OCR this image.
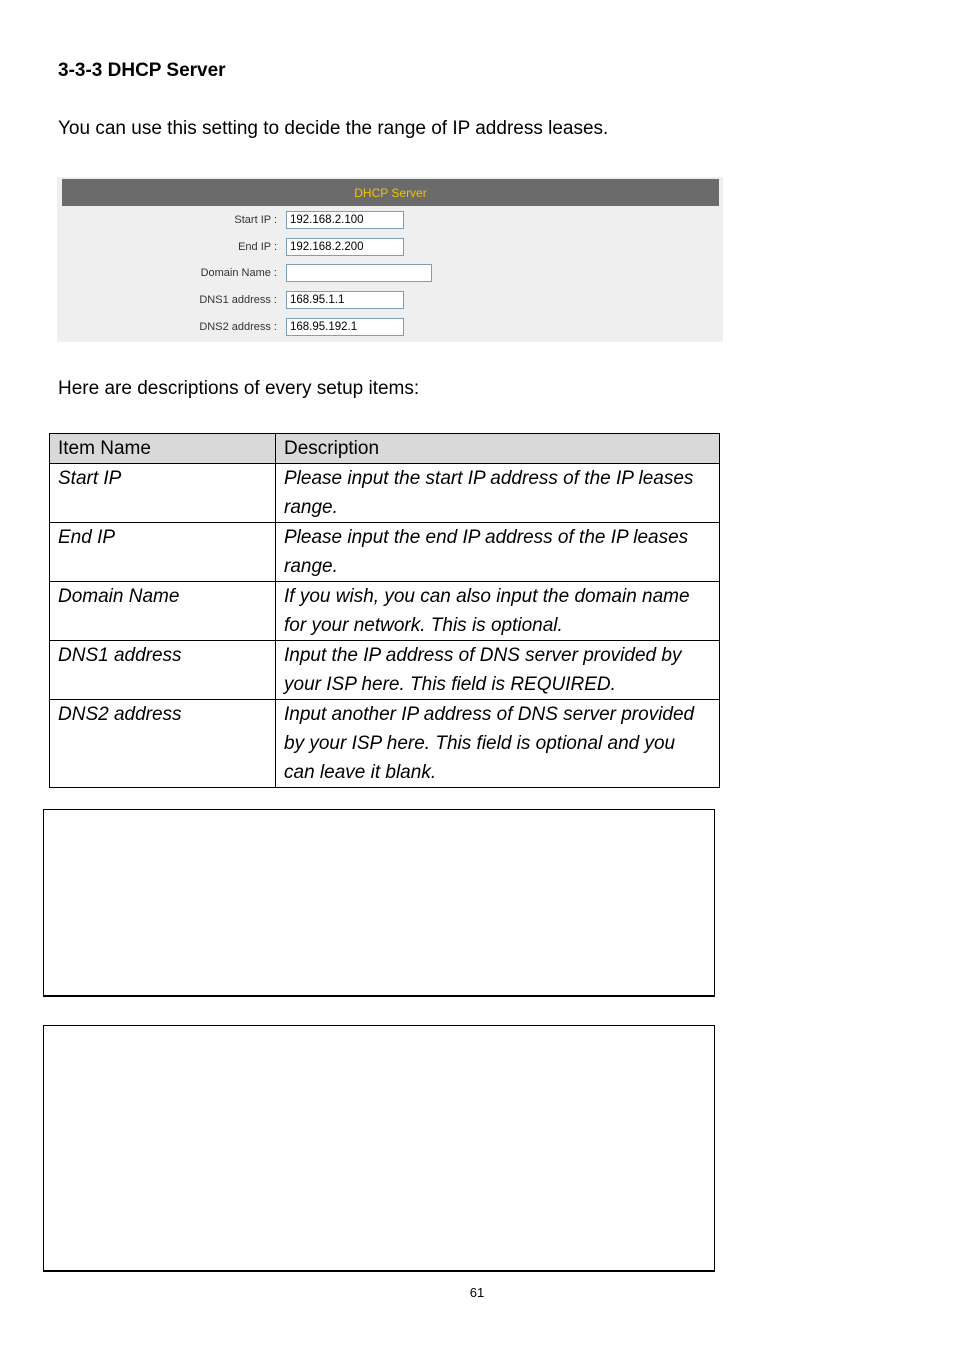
3-3-3 DHCP Server
You can use this setting to decide the range of IP address leases.
DHCP Server
Start IP :
192.168.2.100
End IP :
192.168.2.200
Domain Name :
DNS1 address :
168.95.1.1
DNS2 address :
168.95.192.1
Here are descriptions of every setup items:
Item Name	Description
Start IP	Please input the start IP address of the IP leases range.
End IP	Please input the end IP address of the IP leases range.
Domain Name	If you wish, you can also input the domain name for your network. This is optional.
DNS1 address	Input the IP address of DNS server provided by your ISP here. This field is REQUIRED.
DNS2 address	Input another IP address of DNS server provided by your ISP here. This field is optional and you can leave it blank.
61
